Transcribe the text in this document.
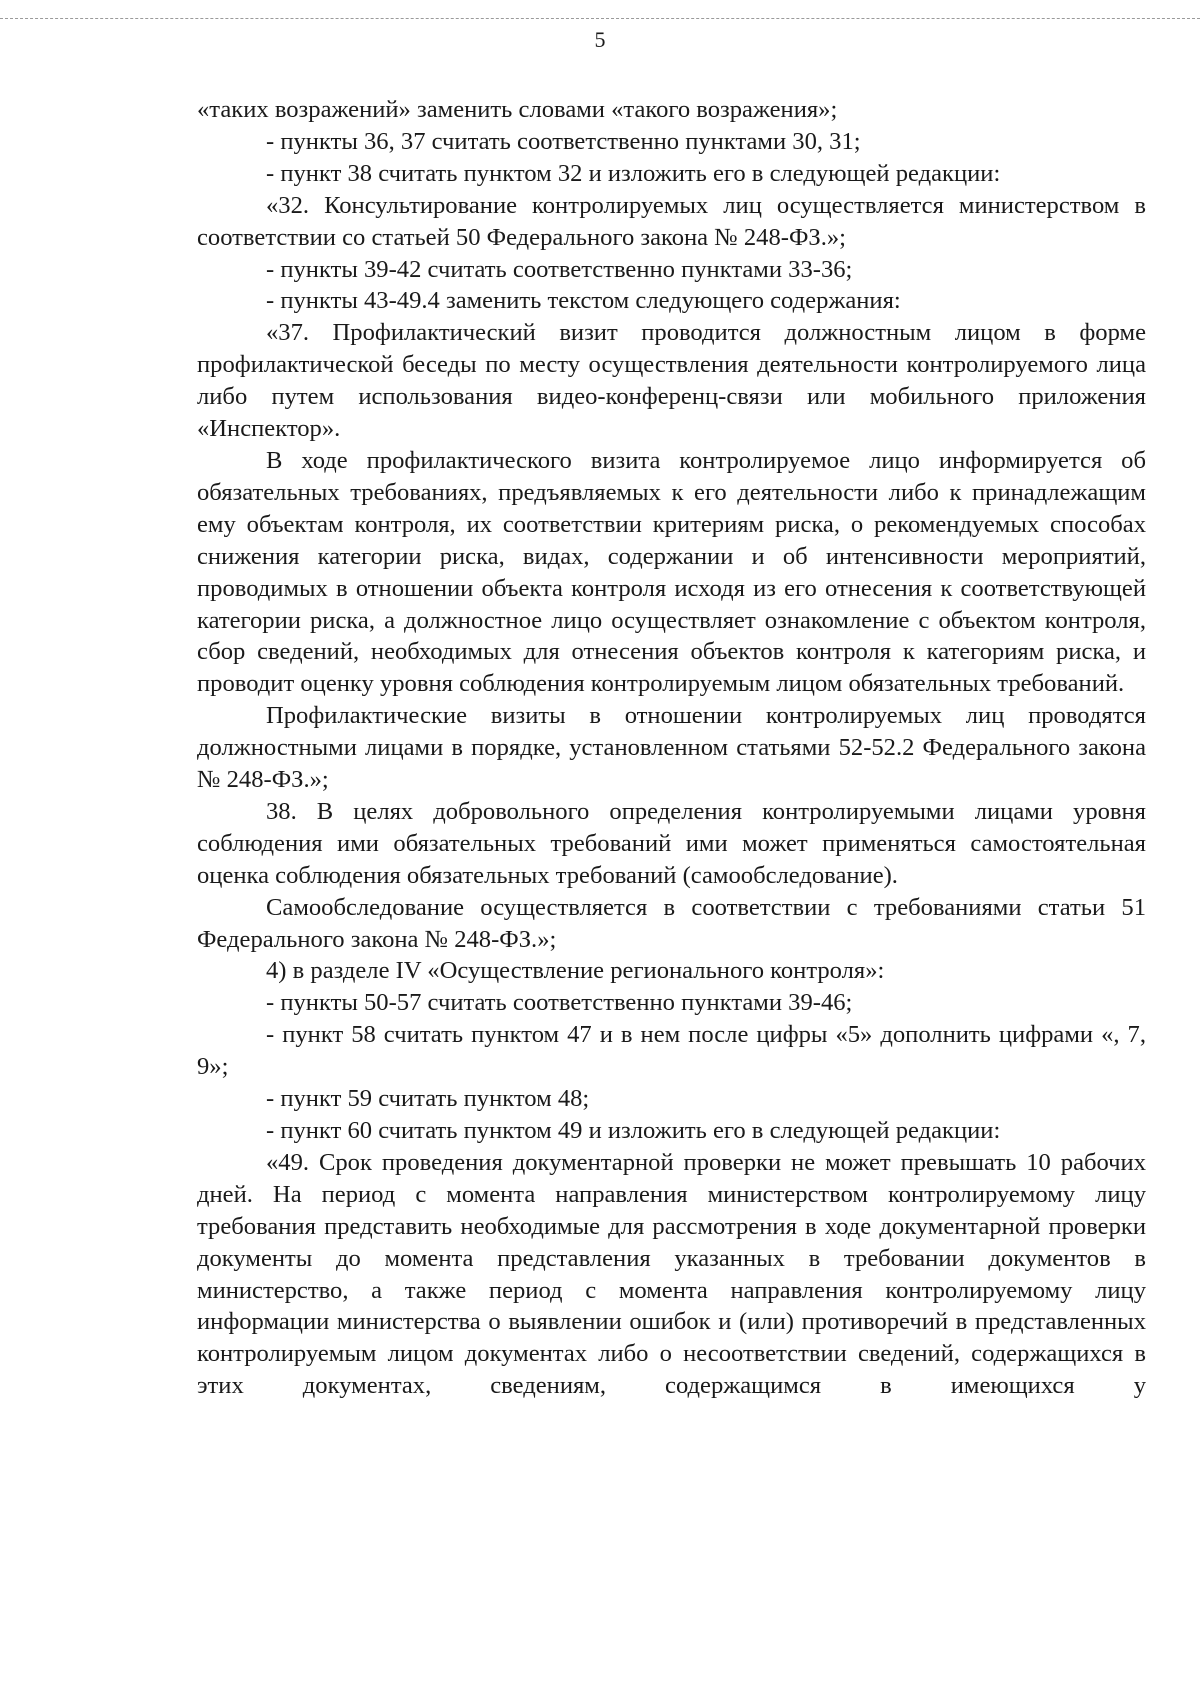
5

«таких возражений» заменить словами «такого возражения»;

- пункты 36, 37 считать соответственно пунктами 30, 31;

- пункт 38 считать пунктом 32 и изложить его в следующей редакции:

«32. Консультирование контролируемых лиц осуществляется министерством в соответствии со статьей 50 Федерального закона № 248-ФЗ.»;

- пункты 39-42 считать соответственно пунктами 33-36;

- пункты 43-49.4 заменить текстом следующего содержания:

«37. Профилактический визит проводится должностным лицом в форме профилактической беседы по месту осуществления деятельности контролируемого лица либо путем использования видео-конференц-связи или мобильного приложения «Инспектор».

В ходе профилактического визита контролируемое лицо информируется об обязательных требованиях, предъявляемых к его деятельности либо к принадлежащим ему объектам контроля, их соответствии критериям риска, о рекомендуемых способах снижения категории риска, видах, содержании и об интенсивности мероприятий, проводимых в отношении объекта контроля исходя из его отнесения к соответствующей категории риска, а должностное лицо осуществляет ознакомление с объектом контроля, сбор сведений, необходимых для отнесения объектов контроля к категориям риска, и проводит оценку уровня соблюдения контролируемым лицом обязательных требований.

Профилактические визиты в отношении контролируемых лиц проводятся должностными лицами в порядке, установленном статьями 52-52.2 Федерального закона № 248-ФЗ.»;

38. В целях добровольного определения контролируемыми лицами уровня соблюдения ими обязательных требований ими может применяться самостоятельная оценка соблюдения обязательных требований (самообследование).

Самообследование осуществляется в соответствии с требованиями статьи 51 Федерального закона № 248-ФЗ.»;

4) в разделе IV «Осуществление регионального контроля»:

- пункты 50-57 считать соответственно пунктами 39-46;

- пункт 58 считать пунктом 47 и в нем после цифры «5» дополнить цифрами «, 7, 9»;

- пункт 59 считать пунктом 48;

- пункт 60 считать пунктом 49 и изложить его в следующей редакции:

«49. Срок проведения документарной проверки не может превышать 10 рабочих дней. На период с момента направления министерством контролируемому лицу требования представить необходимые для рассмотрения в ходе документарной проверки документы до момента представления указанных в требовании документов в министерство, а также период с момента направления контролируемому лицу информации министерства о выявлении ошибок и (или) противоречий в представленных контролируемым лицом документах либо о несоответствии сведений, содержащихся в этих документах, сведениям, содержащимся в имеющихся у
